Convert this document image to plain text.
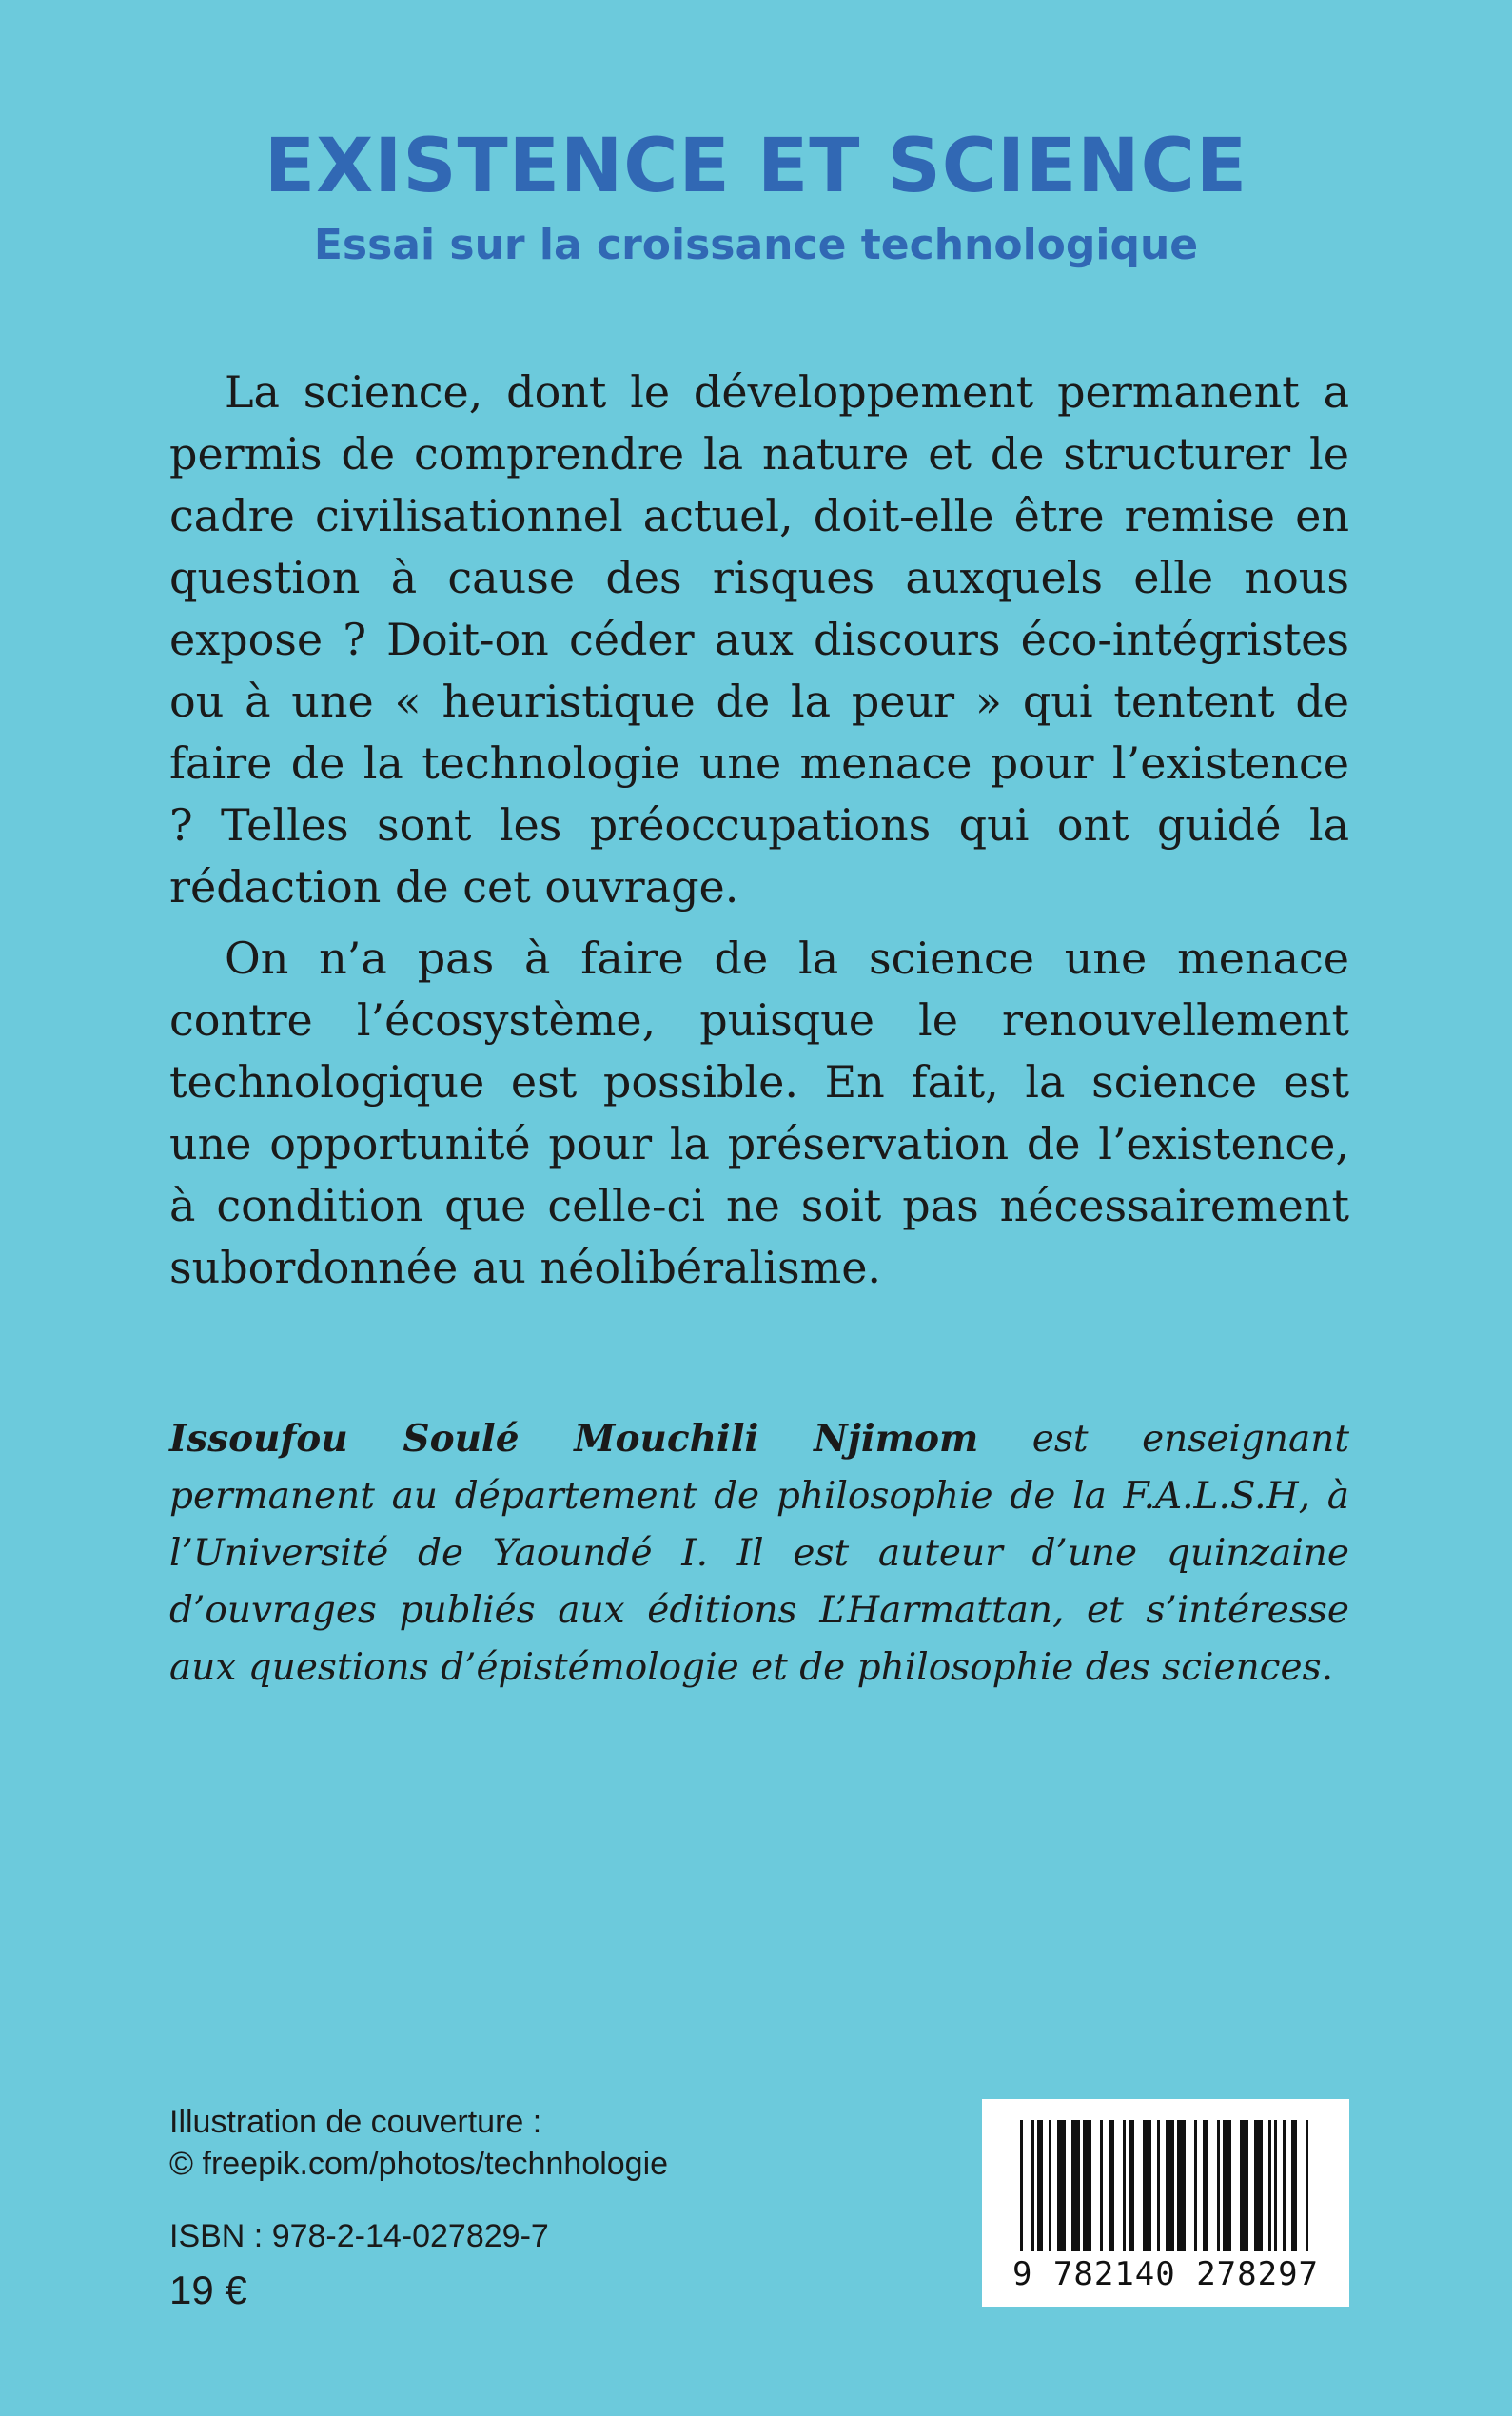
EXISTENCE ET SCIENCE
Essai sur la croissance technologique

La science, dont le développement permanent a permis de comprendre la nature et de structurer le cadre civilisationnel actuel, doit-elle être remise en question à cause des risques auxquels elle nous expose ? Doit-on céder aux discours éco-intégristes ou à une « heuristique de la peur » qui tentent de faire de la technologie une menace pour l’existence ? Telles sont les préoccupations qui ont guidé la rédaction de cet ouvrage.

On n’a pas à faire de la science une menace contre l’écosystème, puisque le renouvellement technologique est possible. En fait, la science est une opportunité pour la préservation de l’existence, à condition que celle-ci ne soit pas nécessairement subordonnée au néolibéralisme.

Issoufou Soulé Mouchili Njimom est enseignant permanent au département de philosophie de la F.A.L.S.H, à l’Université de Yaoundé I. Il est auteur d’une quinzaine d’ouvrages publiés aux éditions L’Harmattan, et s’intéresse aux questions d’épistémologie et de philosophie des sciences.

Illustration de couverture :
© freepik.com/photos/technhologie
ISBN : 978-2-14-027829-7
19 €	9 782140 278297
